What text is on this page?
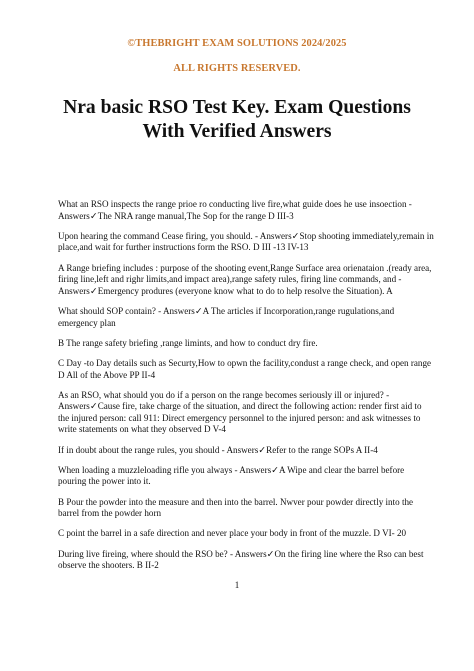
©THEBRIGHT EXAM SOLUTIONS 2024/2025
ALL RIGHTS RESERVED.
Nra basic RSO Test Key. Exam Questions
With Verified Answers

What an RSO inspects the range prioe ro conducting live fire,what guide does he use insoection - Answers✓The NRA range manual,The Sop for the range D III-3

Upon hearing the command Cease firing, you should. - Answers✓Stop shooting immediately,remain in place,and wait for further instructions form the RSO. D III -13 IV-13

A Range briefing includes : purpose of the shooting event,Range Surface area orienataion .(ready area, firing line,left and righr limits,and impact area),range safety rules, firing line commands, and - Answers✓Emergency produres (everyone know what to do to help resolve the Situation). A

What should SOP contain? - Answers✓A The articles if Incorporation,range rugulations,and emergency plan

B The range safety briefing ,range limints, and how to conduct dry fire.

C Day -to Day details such as Securty,How to opwn the facility,condust a range check, and open range D All of the Above PP II-4

As an RSO, what should you do if a person on the range becomes seriously ill or injured? - Answers✓Cause fire, take charge of the situation, and direct the following action: render first aid to the injured person: call 911: Direct emergency personnel to the injured person: and ask witnesses to write statements on what they observed D V-4

If in doubt about the range rules, you should - Answers✓Refer to the range SOPs A II-4

When loading a muzzleloading rifle you always - Answers✓A Wipe and clear the barrel before pouring the power into it.

B Pour the powder into the measure and then into the barrel. Nwver pour powder directly into the barrel from the powder horn

C point the barrel in a safe direction and never place your body in front of the muzzle. D VI- 20

During live fireing, where should the RSO be? - Answers✓On the firing line where the Rso can best observe the shooters. B II-2

1
